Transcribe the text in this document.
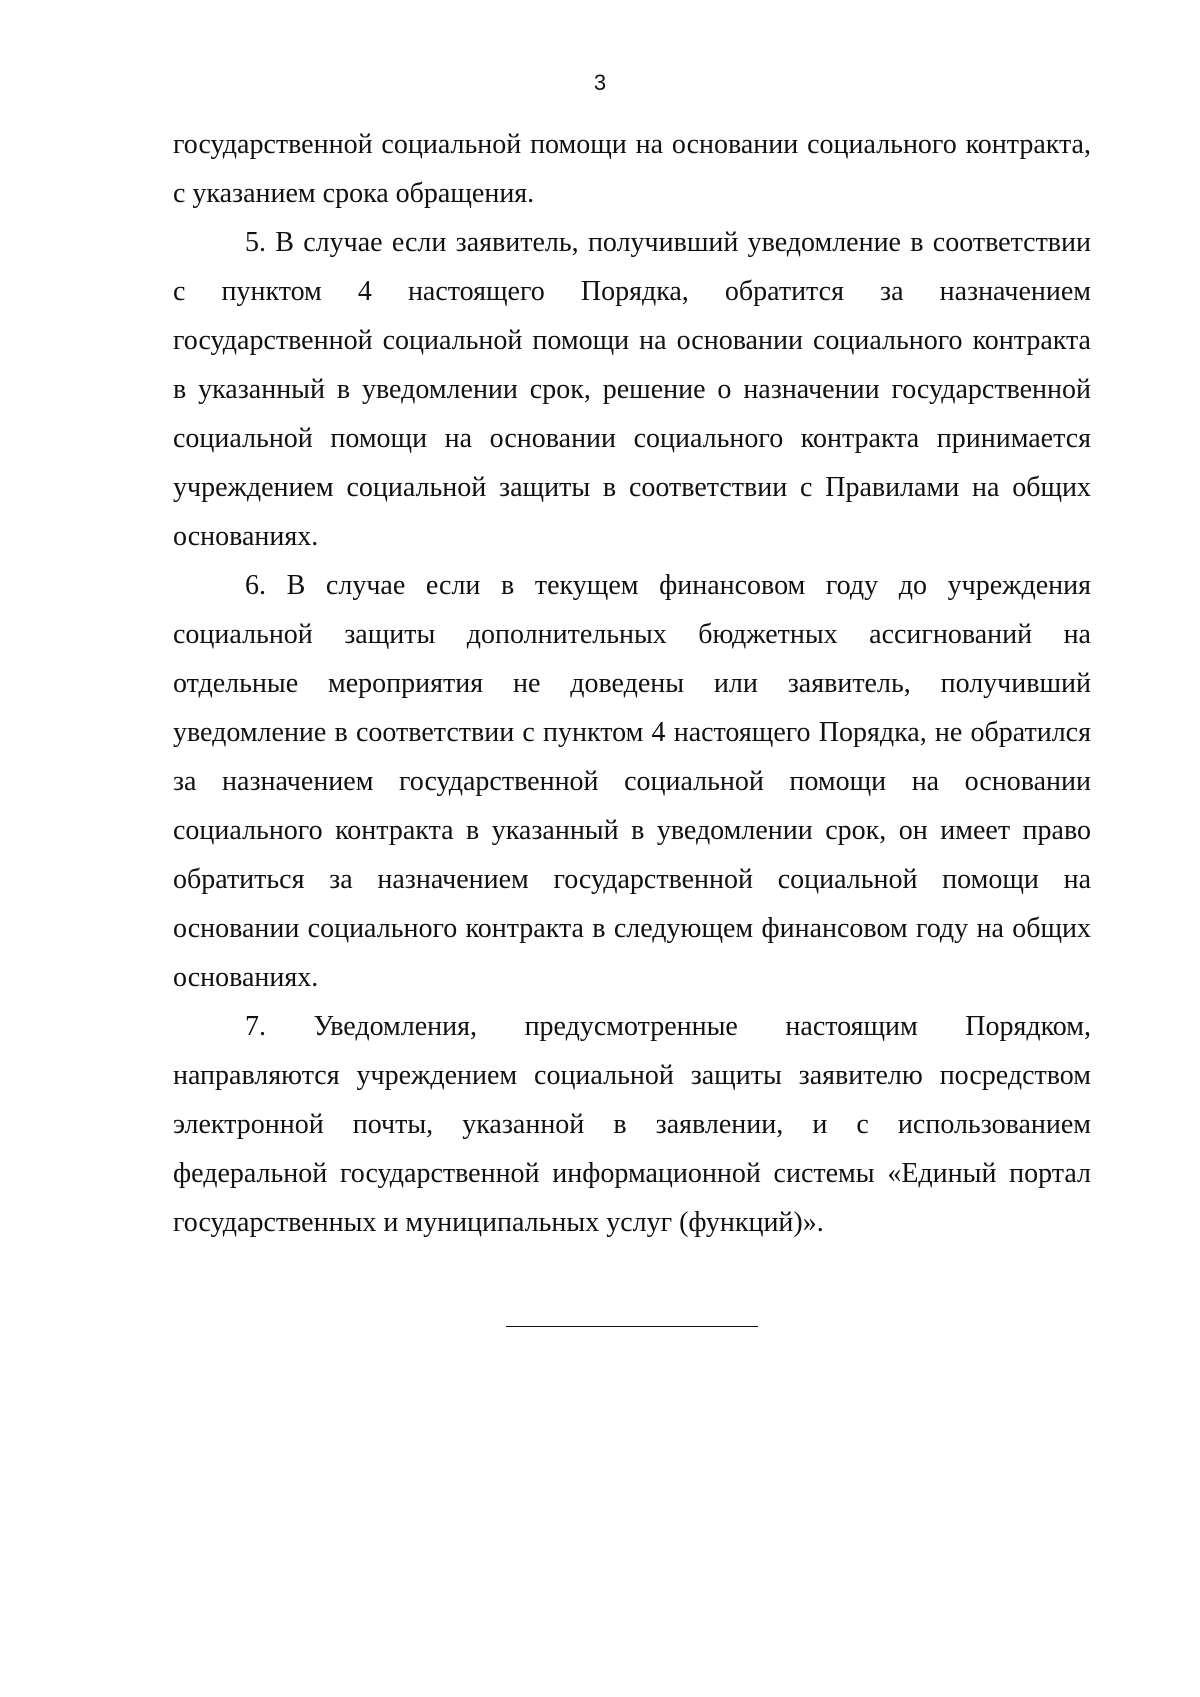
3

государственной социальной помощи на основании социального контракта, с указанием срока обращения.

5. В случае если заявитель, получивший уведомление в соответствии с пунктом 4 настоящего Порядка, обратится за назначением государственной социальной помощи на основании социального контракта в указанный в уведомлении срок, решение о назначении государственной социальной помощи на основании социального контракта принимается учреждением социальной защиты в соответствии с Правилами на общих основаниях.

6. В случае если в текущем финансовом году до учреждения социальной защиты дополнительных бюджетных ассигнований на отдельные мероприятия не доведены или заявитель, получивший уведомление в соответствии с пунктом 4 настоящего Порядка, не обратился за назначением государственной социальной помощи на основании социального контракта в указанный в уведомлении срок, он имеет право обратиться за назначением государственной социальной помощи на основании социального контракта в следующем финансовом году на общих основаниях.

7. Уведомления, предусмотренные настоящим Порядком, направляются учреждением социальной защиты заявителю посредством электронной почты, указанной в заявлении, и с использованием федеральной государственной информационной системы «Единый портал государственных и муниципальных услуг (функций)».
